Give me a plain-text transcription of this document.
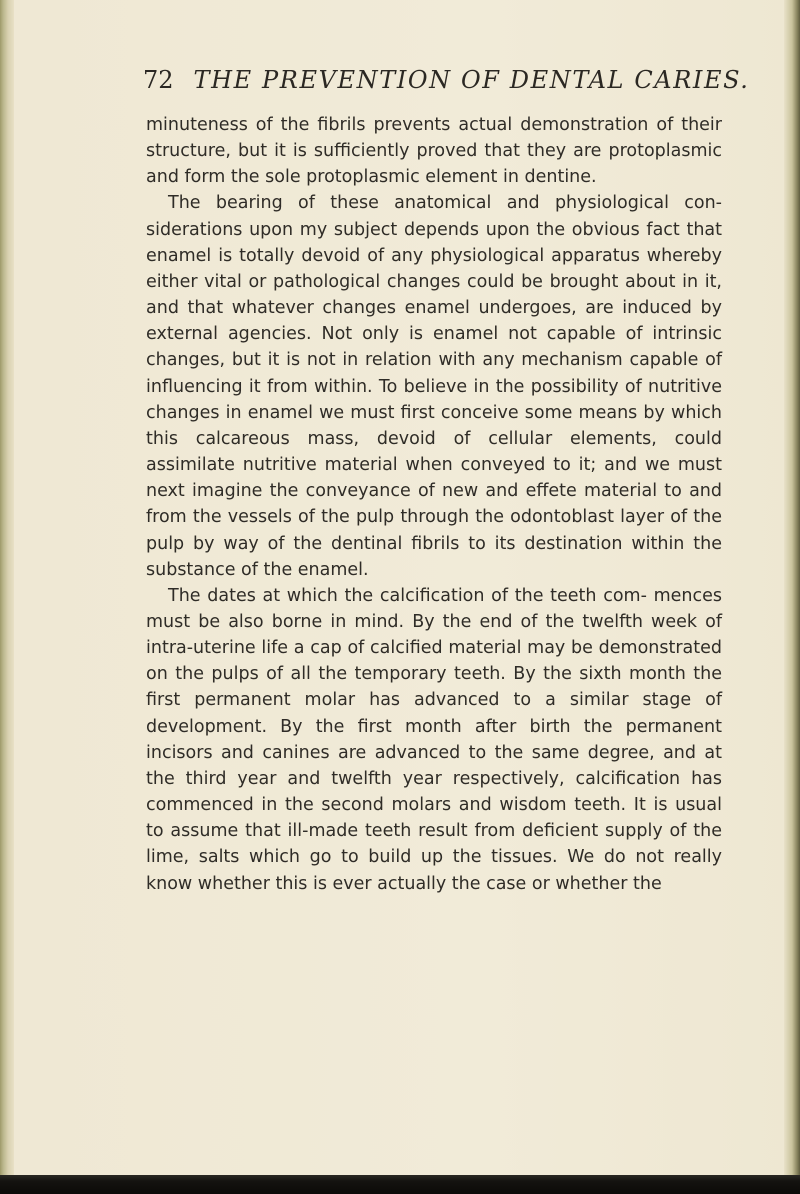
72 THE PREVENTION OF DENTAL CARIES.

minuteness of the fibrils prevents actual demonstration of their structure, but it is sufficiently proved that they are protoplasmic and form the sole protoplasmic element in dentine.

The bearing of these anatomical and physiological con- siderations upon my subject depends upon the obvious fact that enamel is totally devoid of any physiological apparatus whereby either vital or pathological changes could be brought about in it, and that whatever changes enamel undergoes, are induced by external agencies. Not only is enamel not capable of intrinsic changes, but it is not in relation with any mechanism capable of influencing it from within. To believe in the possibility of nutritive changes in enamel we must first conceive some means by which this calcareous mass, devoid of cellular elements, could assimilate nutritive material when conveyed to it; and we must next imagine the conveyance of new and effete material to and from the vessels of the pulp through the odontoblast layer of the pulp by way of the dentinal fibrils to its destination within the substance of the enamel.

The dates at which the calcification of the teeth com- mences must be also borne in mind. By the end of the twelfth week of intra-uterine life a cap of calcified material may be demonstrated on the pulps of all the temporary teeth. By the sixth month the first permanent molar has advanced to a similar stage of development. By the first month after birth the permanent incisors and canines are advanced to the same degree, and at the third year and twelfth year respectively, calcification has commenced in the second molars and wisdom teeth. It is usual to assume that ill-made teeth result from deficient supply of the lime, salts which go to build up the tissues. We do not really know whether this is ever actually the case or whether the
